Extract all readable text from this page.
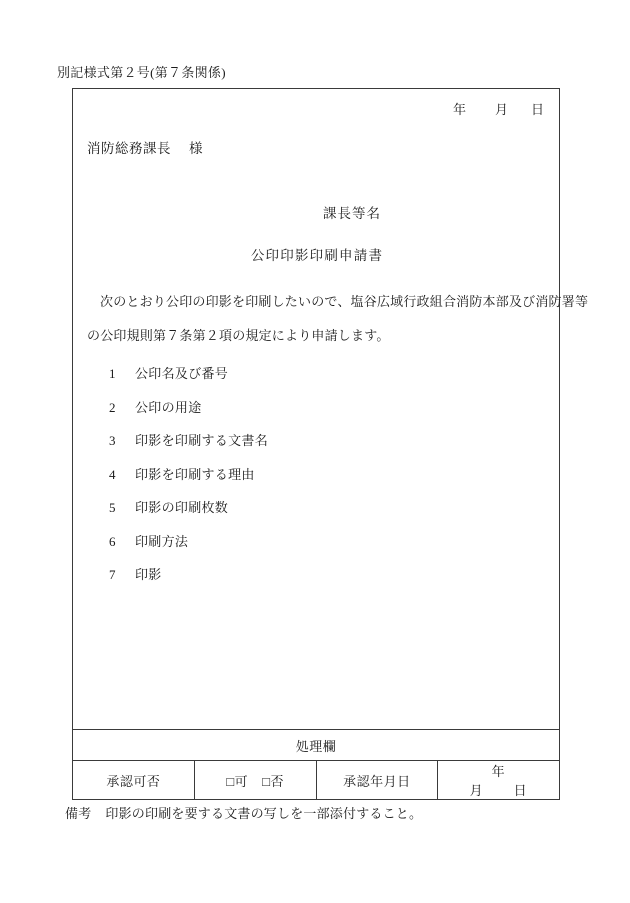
別記様式第２号(第７条関係)
年 月 日
消防総務課長 様
課長等名
公印印影印刷申請書
次のとおり公印の印影を印刷したいので、塩谷広域行政組合消防本部及び消防署等
の公印規則第７条第２項の規定により申請します。
1 公印名及び番号
2 公印の用途
3 印影を印刷する文書名
4 印影を印刷する理由
5 印影の印刷枚数
6 印刷方法
7 印影
処理欄
承認可否	□可 □否	承認年月日	年月 日
備考 印影の印刷を要する文書の写しを一部添付すること。
